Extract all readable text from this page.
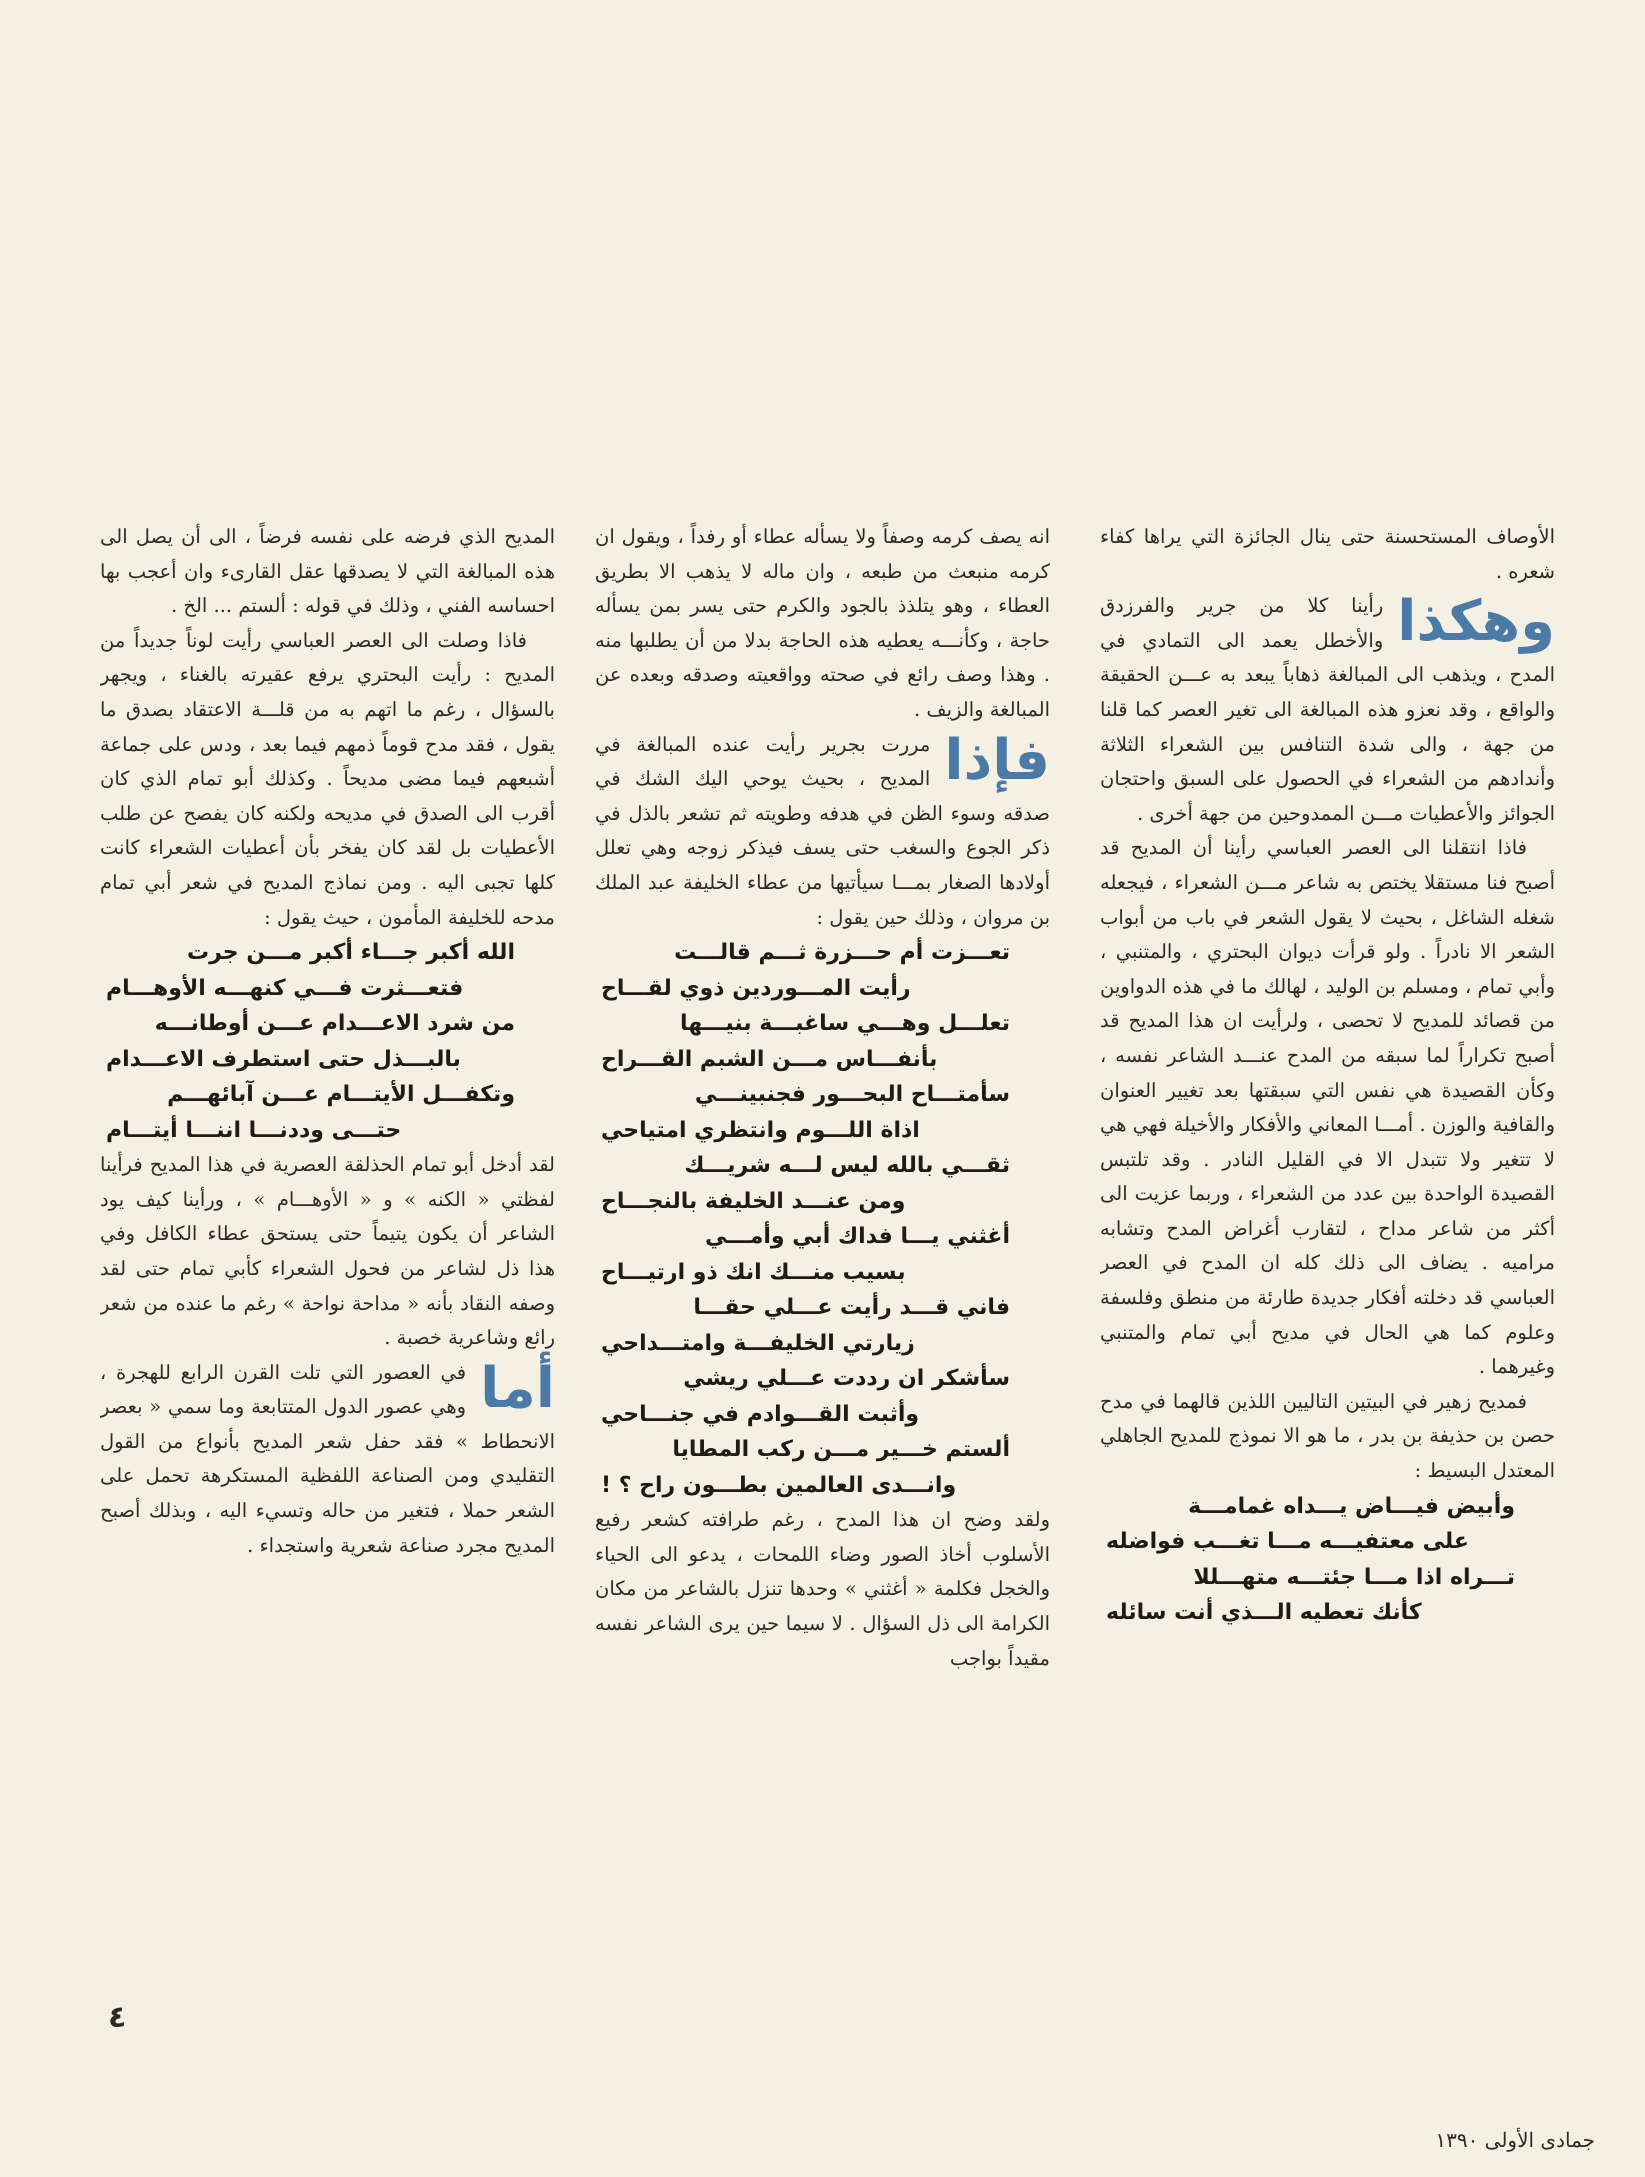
الأوصاف المستحسنة حتى ينال الجائزة التي يراها كفاء شعره .

وهكذا
رأينا كلا من جرير والفرزدق والأخطل يعمد الى التمادي في المدح ، ويذهب الى المبالغة ذهاباً يبعد به عـــن الحقيقة والواقع ، وقد نعزو هذه المبالغة الى تغير العصر كما قلنا من جهة ، والى شدة التنافس بين الشعراء الثلاثة وأندادهم من الشعراء في الحصول على السبق واحتجان الجوائز والأعطيات مـــن الممدوحين من جهة أخرى .

فاذا انتقلنا الى العصر العباسي رأينا أن المديح قد أصبح فنا مستقلا يختص به شاعر مـــن الشعراء ، فيجعله شغله الشاغل ، بحيث لا يقول الشعر في باب من أبواب الشعر الا نادراً . ولو قرأت ديوان البحتري ، والمتنبي ، وأبي تمام ، ومسلم بن الوليد ، لهالك ما في هذه الدواوين من قصائد للمديح لا تحصى ، ولرأيت ان هذا المديح قد أصبح تكراراً لما سبقه من المدح عنـــد الشاعر نفسه ، وكأن القصيدة هي نفس التي سبقتها بعد تغيير العنوان والقافية والوزن . أمـــا المعاني والأفكار والأخيلة فهي هي لا تتغير ولا تتبدل الا في القليل النادر . وقد تلتبس القصيدة الواحدة بين عدد من الشعراء ، وربما عزيت الى أكثر من شاعر مداح ، لتقارب أغراض المدح وتشابه مراميه . يضاف الى ذلك كله ان المدح في العصر العباسي قد دخلته أفكار جديدة طارئة من منطق وفلسفة وعلوم كما هي الحال في مديح أبي تمام والمتنبي وغيرهما .

فمديح زهير في البيتين التاليين اللذين قالهما في مدح حصن بن حذيفة بن بدر ، ما هو الا نموذج للمديح الجاهلي المعتدل البسيط :

وأبيض فيـــاض يـــداه غمامـــة
على معتفيـــه مـــا تغـــب فواضله
تـــراه اذا مـــا جئتـــه متهـــللا
كأنك تعطيه الـــذي أنت سائله

انه يصف كرمه وصفاً ولا يسأله عطاء أو رفداً ، ويقول ان كرمه منبعث من طبعه ، وان ماله لا يذهب الا بطريق العطاء ، وهو يتلذذ بالجود والكرم حتى يسر بمن يسأله حاجة ، وكأنـــه يعطيه هذه الحاجة بدلا من أن يطلبها منه . وهذا وصف رائع في صحته وواقعيته وصدقه وبعده عن المبالغة والزيف .

فإذا
مررت بجرير رأيت عنده المبالغة في المديح ، بحيث يوحي اليك الشك في صدقه وسوء الظن في هدفه وطويته ثم تشعر بالذل في ذكر الجوع والسغب حتى يسف فيذكر زوجه وهي تعلل أولادها الصغار بمـــا سيأتيها من عطاء الخليفة عبد الملك بن مروان ، وذلك حين يقول :

تعـــزت أم حـــزرة ثـــم قالـــت
رأيت المـــوردين ذوي لقـــاح
تعلـــل وهـــي ساغبـــة بنيـــها
بأنفـــاس مـــن الشبم القـــراح
سأمتـــاح البحـــور فجنبينـــي
اذاة اللـــوم وانتظري امتياحي
ثقـــي بالله ليس لـــه شريـــك
ومن عنـــد الخليفة بالنجـــاح
أغثني يـــا فداك أبي وأمـــي
بسيب منـــك انك ذو ارتيـــاح
فاني قـــد رأيت عـــلي حقـــا
زيارتي الخليفـــة وامتـــداحي
سأشكر ان رددت عـــلي ريشي
وأثبت القـــوادم في جنـــاحي
ألستم خـــير مـــن ركب المطايا
وانـــدى العالمين بطـــون راح ؟ !

ولقد وضح ان هذا المدح ، رغم طرافته كشعر رفيع الأسلوب أخاذ الصور وضاء اللمحات ، يدعو الى الحياء والخجل فكلمة « أغثني » وحدها تنزل بالشاعر من مكان الكرامة الى ذل السؤال . لا سيما حين يرى الشاعر نفسه مقيداً بواجب

المديح الذي فرضه على نفسه فرضاً ، الى أن يصل الى هذه المبالغة التي لا يصدقها عقل القارىء وان أعجب بها احساسه الفني ، وذلك في قوله : ألستم ... الخ .

فاذا وصلت الى العصر العباسي رأيت لوناً جديداً من المديح : رأيت البحتري يرفع عقيرته بالغناء ، ويجهر بالسؤال ، رغم ما اتهم به من قلـــة الاعتقاد بصدق ما يقول ، فقد مدح قوماً ذمهم فيما بعد ، ودس على جماعة أشبعهم فيما مضى مديحاً . وكذلك أبو تمام الذي كان أقرب الى الصدق في مديحه ولكنه كان يفصح عن طلب الأعطيات بل لقد كان يفخر بأن أعطيات الشعراء كانت كلها تجبى اليه . ومن نماذج المديح في شعر أبي تمام مدحه للخليفة المأمون ، حيث يقول :

الله أكبر جـــاء أكبر مـــن جرت
فتعـــثرت فـــي كنهـــه الأوهـــام
من شرد الاعـــدام عـــن أوطانـــه
بالبـــذل حتى استطرف الاعـــدام
وتكفـــل الأيتـــام عـــن آبائهـــم
حتـــى وددنـــا اننـــا أيتـــام

لقد أدخل أبو تمام الحذلقة العصرية في هذا المديح فرأينا لفظتي « الكنه » و « الأوهـــام » ، ورأينا كيف يود الشاعر أن يكون يتيماً حتى يستحق عطاء الكافل وفي هذا ذل لشاعر من فحول الشعراء كأبي تمام حتى لقد وصفه النقاد بأنه « مداحة نواحة » رغم ما عنده من شعر رائع وشاعرية خصبة .

أما
في العصور التي تلت القرن الرابع للهجرة ، وهي عصور الدول المتتابعة وما سمي « بعصر الانحطاط » فقد حفل شعر المديح بأنواع من القول التقليدي ومن الصناعة اللفظية المستكرهة تحمل على الشعر حملا ، فتغير من حاله وتسيء اليه ، وبذلك أصبح المديح مجرد صناعة شعرية واستجداء .

٤
جمادى الأولى ١٣٩٠
